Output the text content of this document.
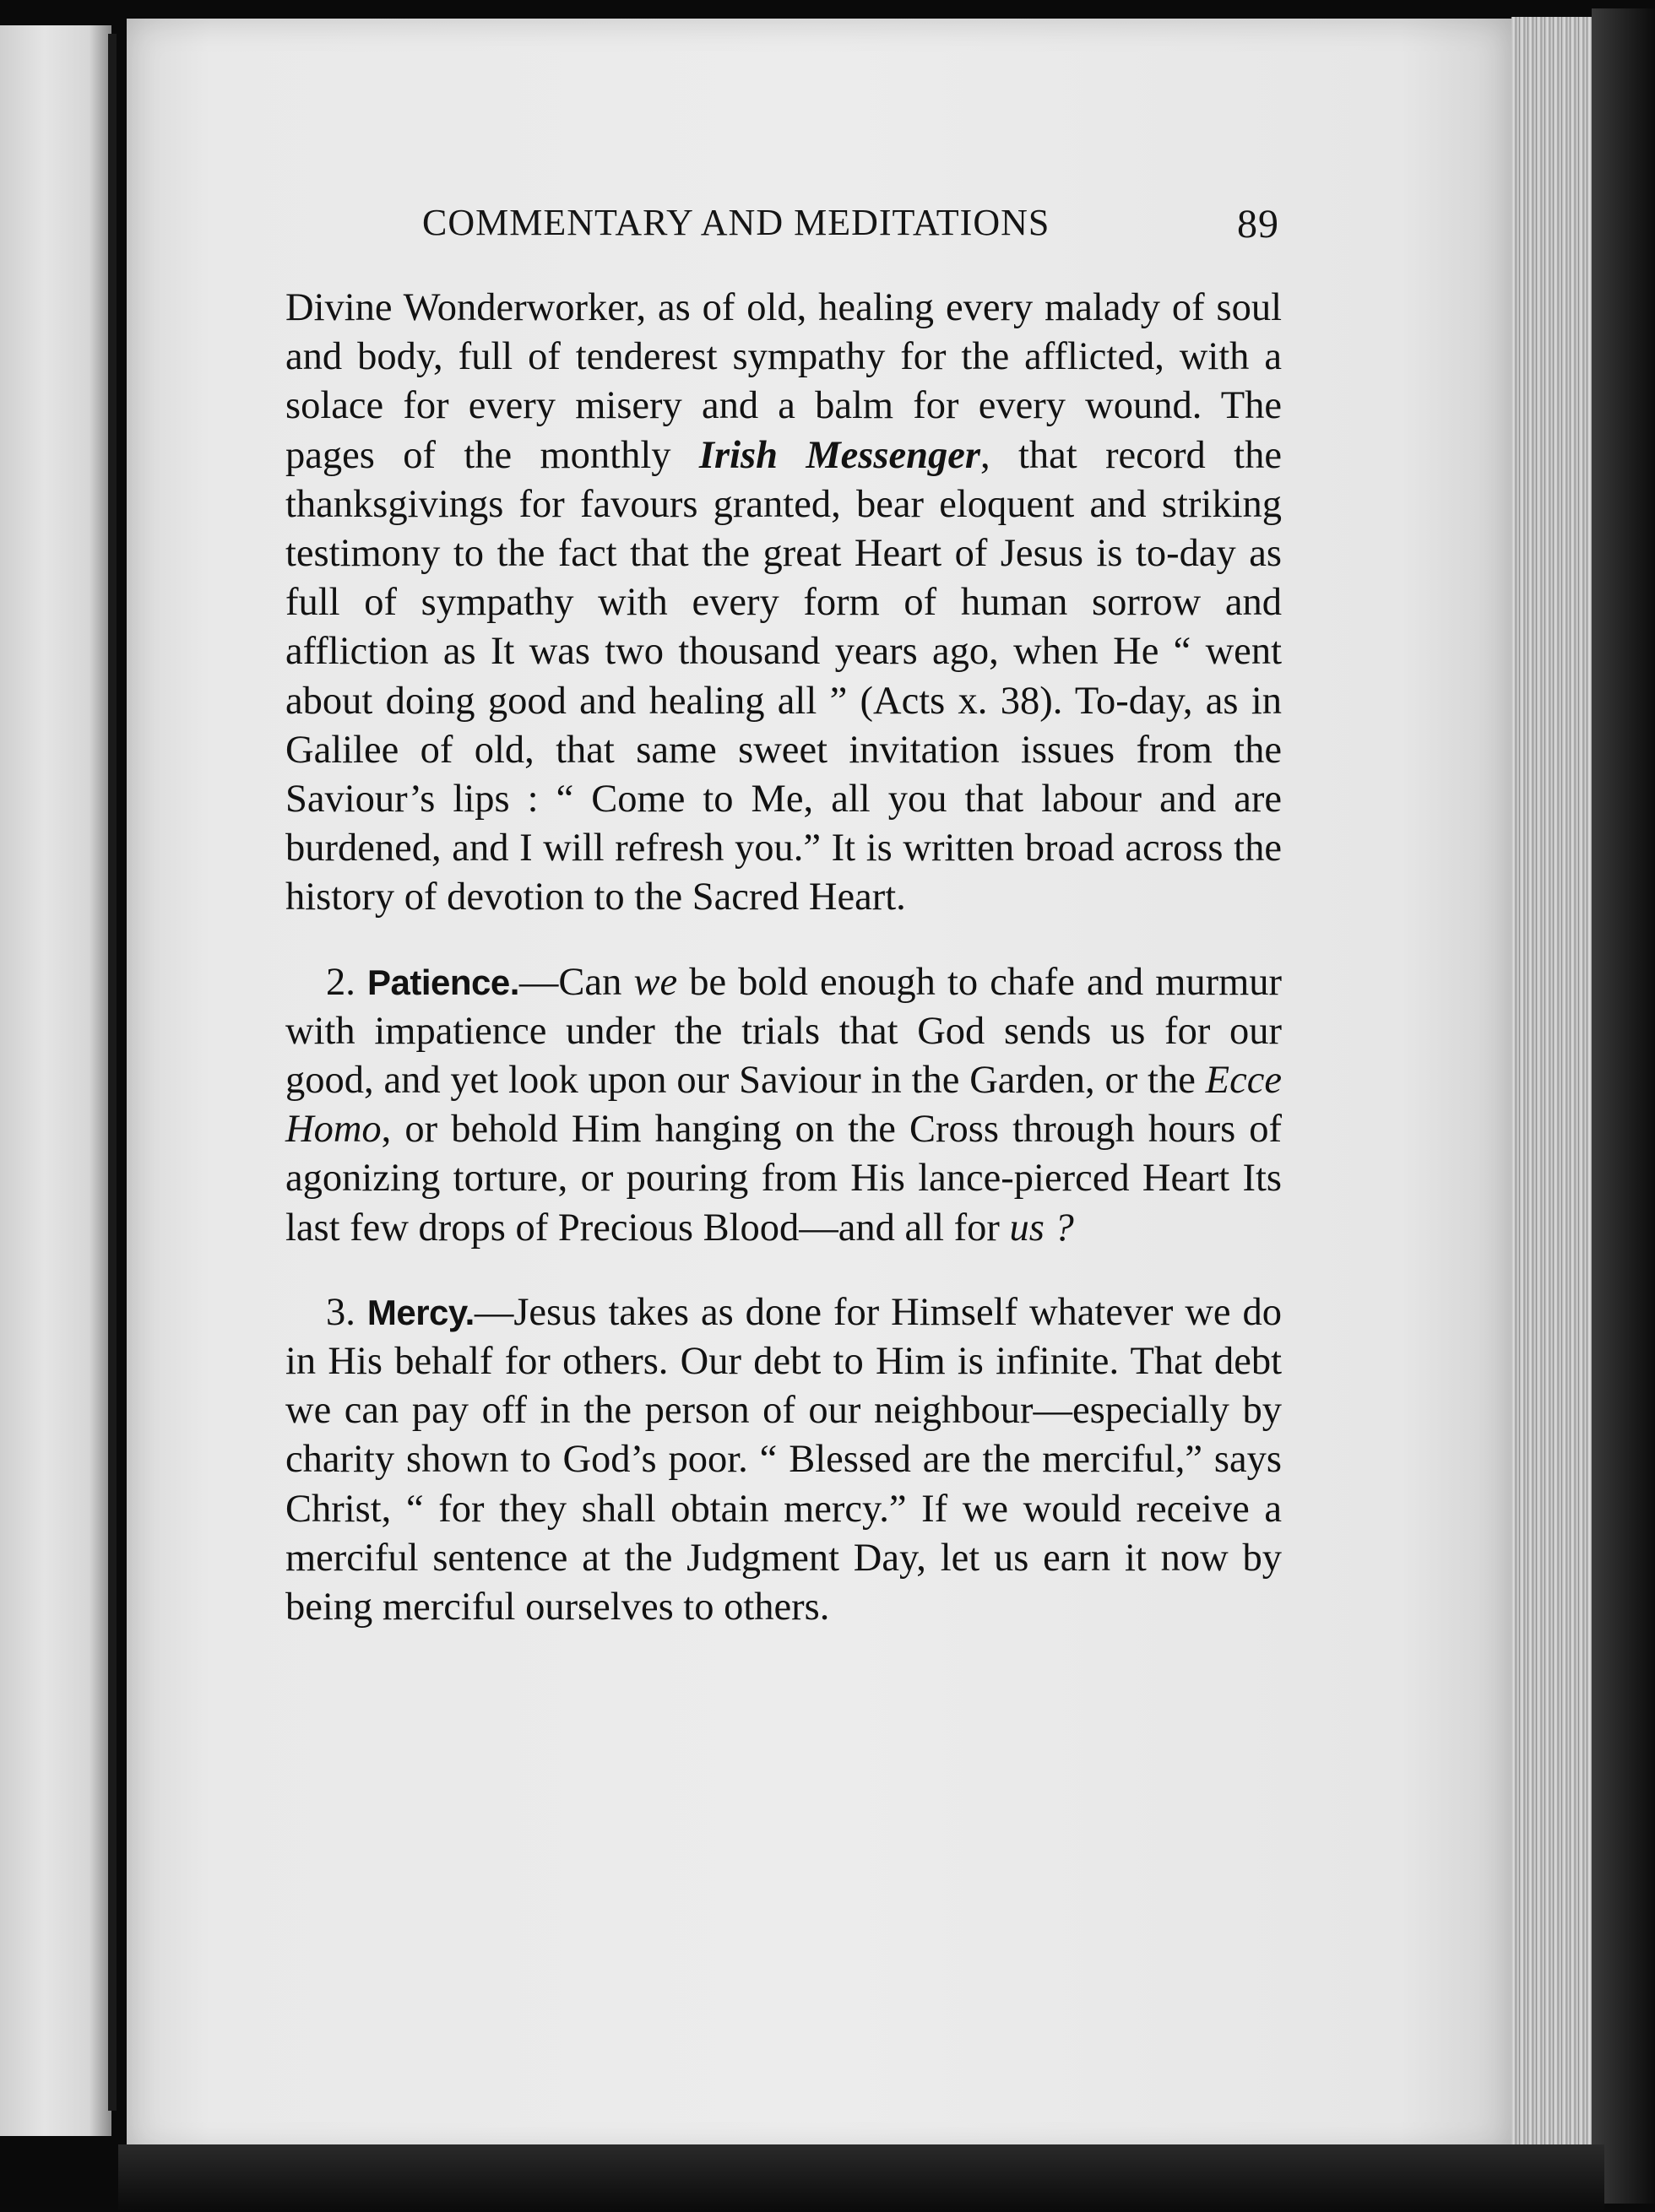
COMMENTARY AND MEDITATIONS	89

Divine Wonderworker, as of old, healing every malady of soul and body, full of tenderest sympathy for the afflicted, with a solace for every misery and a balm for every wound. The pages of the monthly Irish Messenger, that record the thanksgivings for favours granted, bear eloquent and striking testimony to the fact that the great Heart of Jesus is to-day as full of sympathy with every form of human sorrow and affliction as It was two thousand years ago, when He “ went about doing good and healing all ” (Acts x. 38). To-day, as in Galilee of old, that same sweet invitation issues from the Saviour’s lips : “ Come to Me, all you that labour and are burdened, and I will refresh you.” It is written broad across the history of devotion to the Sacred Heart.

2. Patience.—Can we be bold enough to chafe and murmur with impatience under the trials that God sends us for our good, and yet look upon our Saviour in the Garden, or the Ecce Homo, or behold Him hanging on the Cross through hours of agonizing torture, or pouring from His lance-pierced Heart Its last few drops of Precious Blood—and all for us ?

3. Mercy.—Jesus takes as done for Himself whatever we do in His behalf for others. Our debt to Him is infinite. That debt we can pay off in the person of our neighbour—especially by charity shown to God’s poor. “ Blessed are the merciful,” says Christ, “ for they shall obtain mercy.” If we would receive a merciful sentence at the Judgment Day, let us earn it now by being merciful ourselves to others.
